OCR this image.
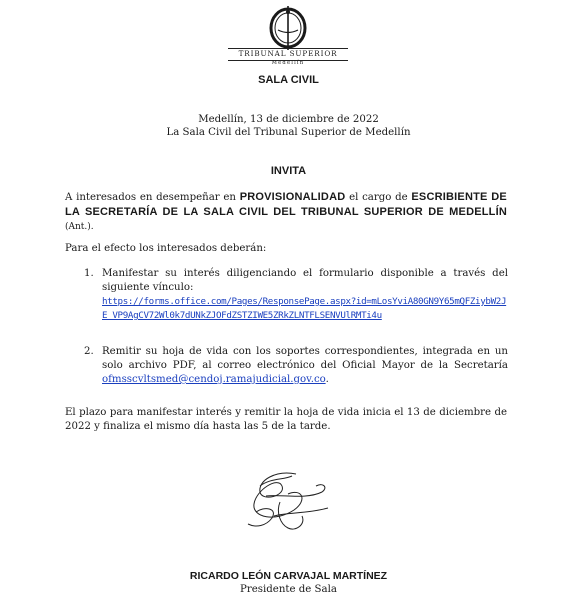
TRIBUNAL SUPERIOR
Medellín
SALA CIVIL
Medellín, 13 de diciembre de 2022
La Sala Civil del Tribunal Superior de Medellín
INVITA
A interesados en desempeñar en PROVISIONALIDAD el cargo de ESCRIBIENTE DE LA SECRETARÍA DE LA SALA CIVIL DEL TRIBUNAL SUPERIOR DE MEDELLÍN (Ant.).
Para el efecto los interesados deberán:
1. Manifestar su interés diligenciando el formulario disponible a través del siguiente vínculo:
https://forms.office.com/Pages/ResponsePage.aspx?id=mLosYviA80GN9Y65mQFZiybW2JE_VP9AgCV72Wl0k7dUNkZJOFdZSTZIWE5ZRkZLNTFLSENVUlRMTi4u
2. Remitir su hoja de vida con los soportes correspondientes, integrada en un solo archivo PDF, al correo electrónico del Oficial Mayor de la Secretaría ofmsscvltsmed@cendoj.ramajudicial.gov.co.
El plazo para manifestar interés y remitir la hoja de vida inicia el 13 de diciembre de 2022 y finaliza el mismo día hasta las 5 de la tarde.
RICARDO LEÓN CARVAJAL MARTÍNEZ
Presidente de Sala
